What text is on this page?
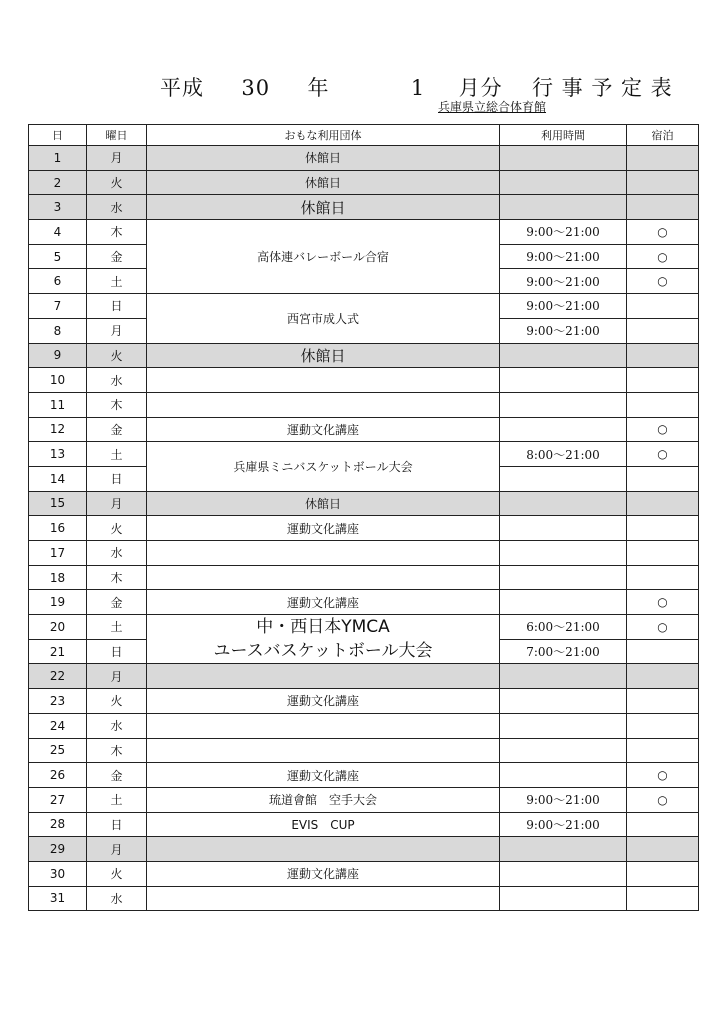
平成 30 年	1 月分 行 事 予 定 表
兵庫県立総合体育館
日	曜日	おもな利用団体	利用時間	宿泊
1	月	休館日		
2	火	休館日		
3	水	休館日		
4	木	高体連バレーボール合宿	9:00～21:00	○
5	金		9:00～21:00	○
6	土		9:00～21:00	○
7	日	西宮市成人式	9:00～21:00	
8	月		9:00～21:00	
9	火	休館日		
10	水			
11	木			
12	金	運動文化講座		○
13	土	兵庫県ミニバスケットボール大会	8:00～21:00	○
14	日			
15	月	休館日		
16	火	運動文化講座		
17	水			
18	木			
19	金	運動文化講座		○
20	土	中・西日本YMCA
ユースバスケットボール大会	6:00～21:00	○
21	日		7:00～21:00	
22	月			
23	火	運動文化講座		
24	水			
25	木			
26	金	運動文化講座		○
27	土	琉道會館　空手大会	9:00～21:00	○
28	日	EVIS　CUP	9:00～21:00	
29	月			
30	火	運動文化講座		
31	水			
